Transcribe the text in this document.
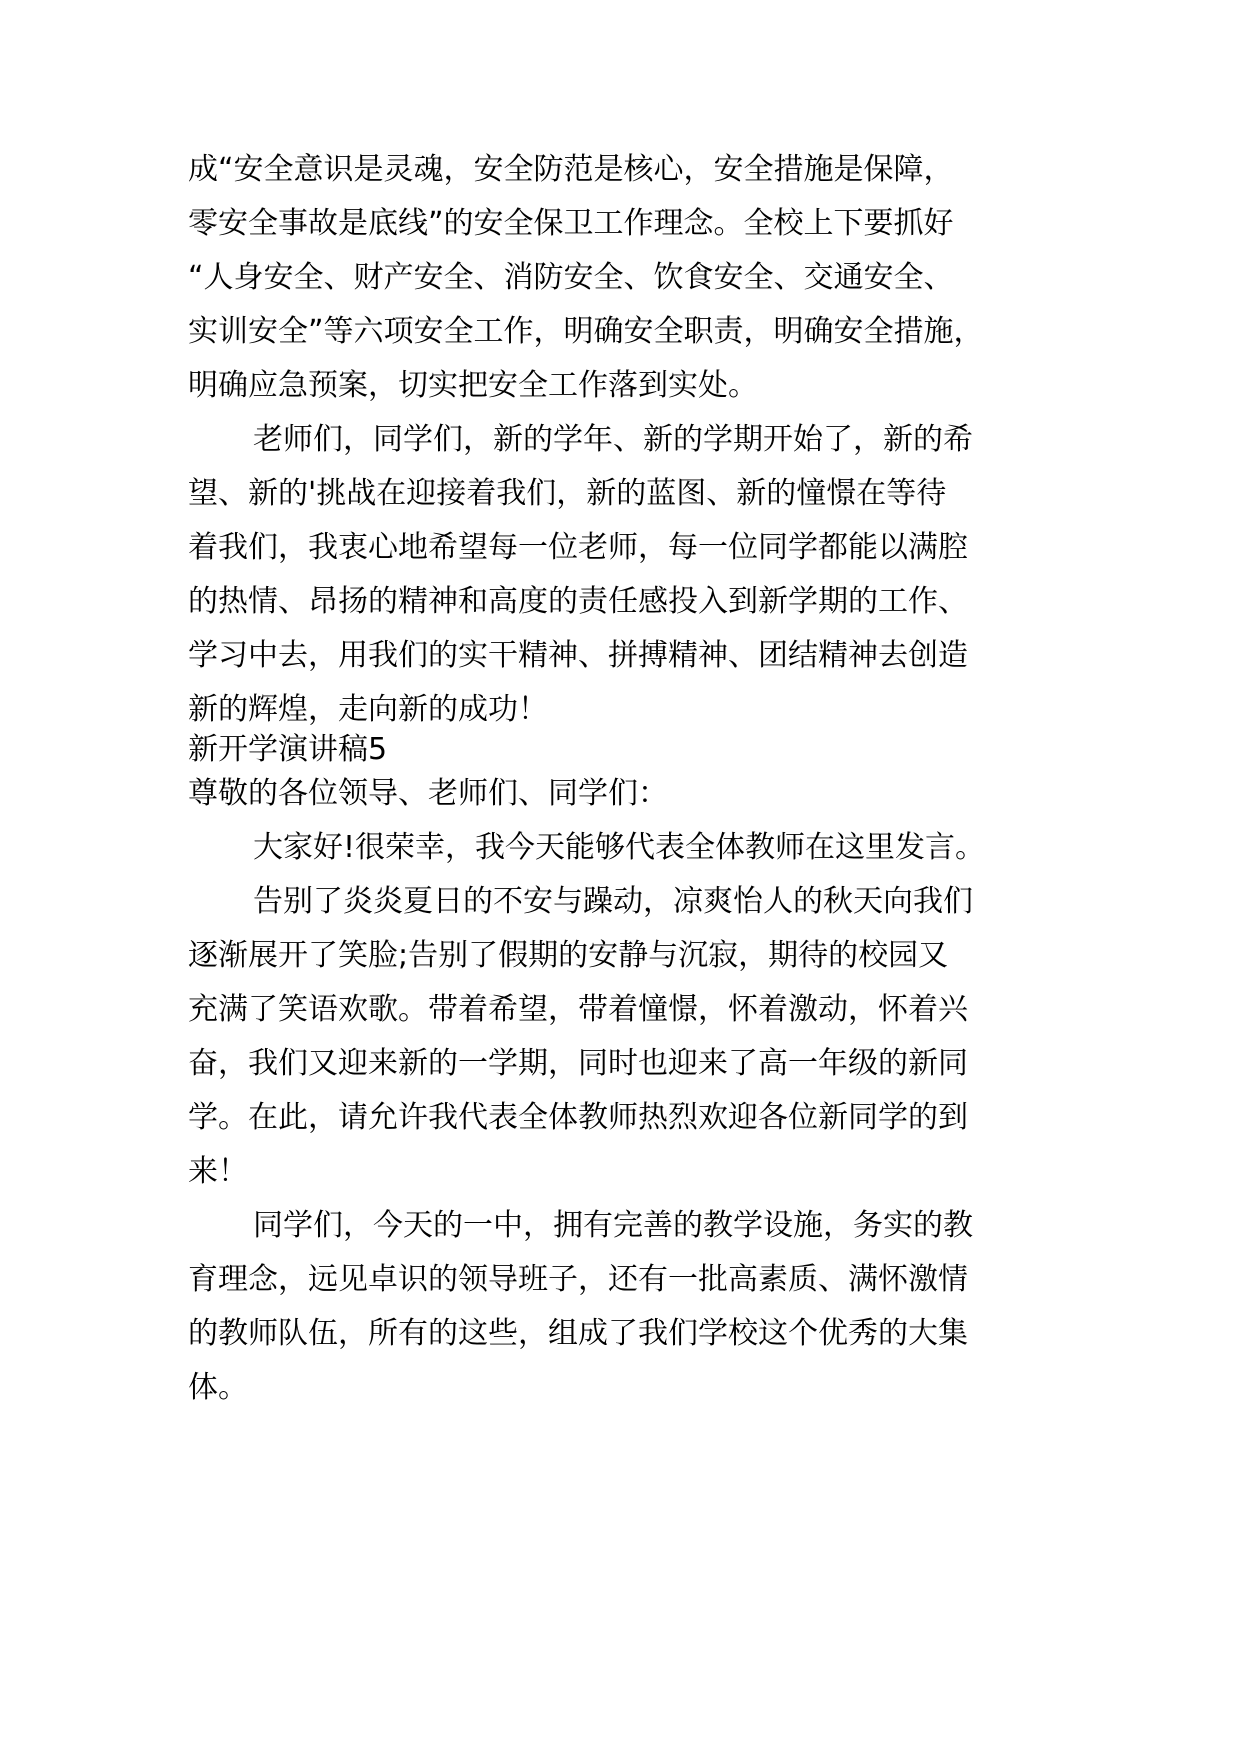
成“安全意识是灵魂，安全防范是核心，安全措施是保障，

零安全事故是底线”的安全保卫工作理念。全校上下要抓好

“人身安全、财产安全、消防安全、饮食安全、交通安全、

实训安全”等六项安全工作，明确安全职责，明确安全措施，

明确应急预案，切实把安全工作落到实处。

老师们，同学们，新的学年、新的学期开始了，新的希

望、新的'挑战在迎接着我们，新的蓝图、新的憧憬在等待

着我们，我衷心地希望每一位老师，每一位同学都能以满腔

的热情、昂扬的精神和高度的责任感投入到新学期的工作、

学习中去，用我们的实干精神、拼搏精神、团结精神去创造

新的辉煌，走向新的成功！

新开学演讲稿5

尊敬的各位领导、老师们、同学们：

大家好!很荣幸，我今天能够代表全体教师在这里发言。

告别了炎炎夏日的不安与躁动，凉爽怡人的秋天向我们

逐渐展开了笑脸;告别了假期的安静与沉寂，期待的校园又

充满了笑语欢歌。带着希望，带着憧憬，怀着激动，怀着兴

奋，我们又迎来新的一学期，同时也迎来了高一年级的新同

学。在此，请允许我代表全体教师热烈欢迎各位新同学的到

来！

同学们，今天的一中，拥有完善的教学设施，务实的教

育理念，远见卓识的领导班子，还有一批高素质、满怀激情

的教师队伍，所有的这些，组成了我们学校这个优秀的大集

体。
